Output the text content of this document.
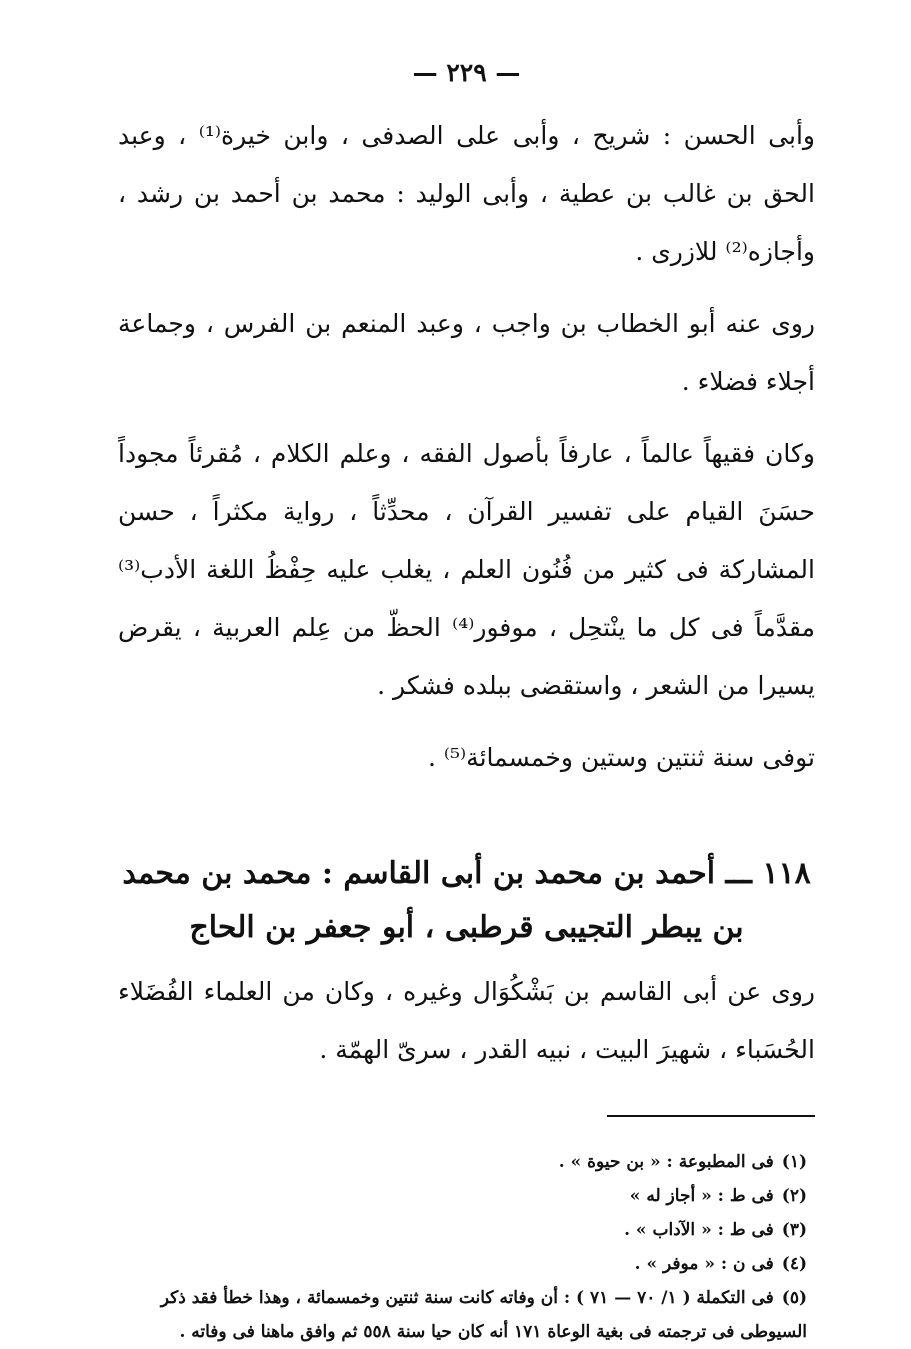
— ٢٢٩ —

وأبى الحسن : شريح ، وأبى على الصدفى ، وابن خيرة⁽¹⁾ ، وعبد الحق بن غالب بن عطية ، وأبى الوليد : محمد بن أحمد بن رشد ، وأجازه⁽²⁾ للازرى .

روى عنه أبو الخطاب بن واجب ، وعبد المنعم بن الفرس ، وجماعة أجلاء فضلاء .

وكان فقيهاً عالماً ، عارفاً بأصول الفقه ، وعلم الكلام ، مُقرئاً مجوداً حسَنَ القيام على تفسير القرآن ، محدِّثاً ، رواية مكثراً ، حسن المشاركة فى كثير من فُنُون العلم ، يغلب عليه حِفْظُ اللغة الأدب⁽³⁾ مقدَّماً فى كل ما ينْتحِل ، موفور⁽⁴⁾ الحظّ من عِلم العربية ، يقرض يسيرا من الشعر ، واستقضى ببلده فشكر .

توفى سنة ثنتين وستين وخمسمائة⁽⁵⁾ .

١١٨ ـــ أحمد بن محمد بن أبى القاسم : محمد بن محمد بن يبطر التجيبى قرطبى ، أبو جعفر بن الحاج

روى عن أبى القاسم بن بَشْكُوَال وغيره ، وكان من العلماء الفُضَلاء الحُسَباء ، شهيرَ البيت ، نبيه القدر ، سرىّ الهمّة .

(١)فى المطبوعة : « بن حيوة » .
(٢)فى ط : « أجاز له »
(٣)فى ط : « الآداب » .
(٤)فى ن : « موفر » .
(٥)فى التكملة ( ١/ ٧٠ — ٧١ ) : أن وفاته كانت سنة ثنتين وخمسمائة ، وهذا خطأ فقد ذكر السيوطى فى ترجمته فى بغية الوعاة ١٧١ أنه كان حيا سنة ٥٥٨ ثم وافق ماهنا فى وفاته .
